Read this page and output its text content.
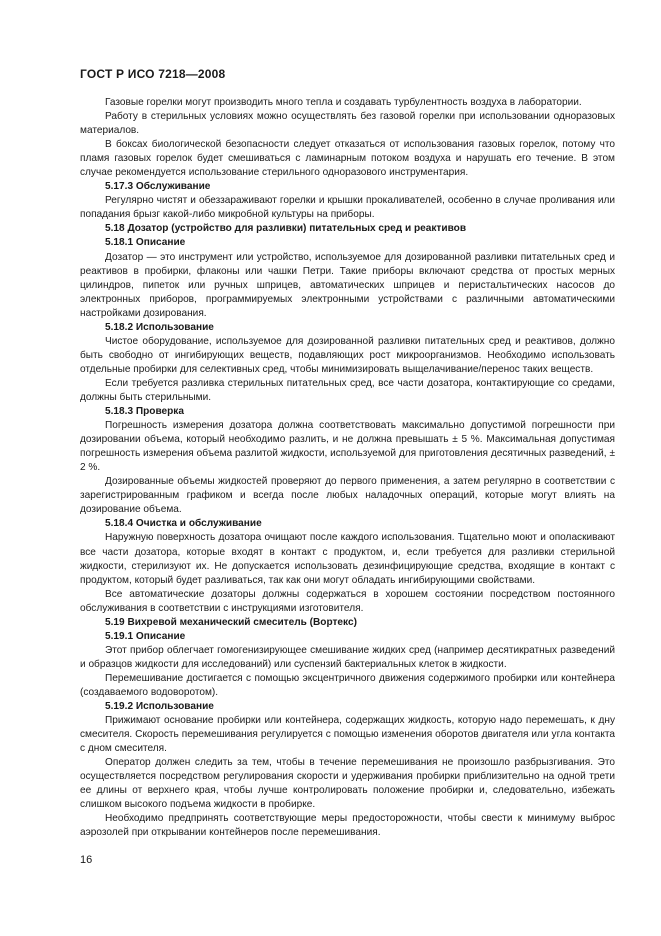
ГОСТ Р ИСО 7218—2008
Газовые горелки могут производить много тепла и создавать турбулентность воздуха в лаборатории.
Работу в стерильных условиях можно осуществлять без газовой горелки при использовании одноразовых материалов.
В боксах биологической безопасности следует отказаться от использования газовых горелок, потому что пламя газовых горелок будет смешиваться с ламинарным потоком воздуха и нарушать его течение. В этом случае рекомендуется использование стерильного одноразового инструментария.
5.17.3 Обслуживание
Регулярно чистят и обеззараживают горелки и крышки прокаливателей, особенно в случае проливания или попадания брызг какой-либо микробной культуры на приборы.
5.18 Дозатор (устройство для разливки) питательных сред и реактивов
5.18.1 Описание
Дозатор — это инструмент или устройство, используемое для дозированной разливки питательных сред и реактивов в пробирки, флаконы или чашки Петри. Такие приборы включают средства от простых мерных цилиндров, пипеток или ручных шприцев, автоматических шприцев и перистальтических насосов до электронных приборов, программируемых электронными устройствами с различными автоматическими настройками дозирования.
5.18.2 Использование
Чистое оборудование, используемое для дозированной разливки питательных сред и реактивов, должно быть свободно от ингибирующих веществ, подавляющих рост микроорганизмов. Необходимо использовать отдельные пробирки для селективных сред, чтобы минимизировать выщелачивание/перенос таких веществ.
Если требуется разливка стерильных питательных сред, все части дозатора, контактирующие со средами, должны быть стерильными.
5.18.3 Проверка
Погрешность измерения дозатора должна соответствовать максимально допустимой погрешности при дозировании объема, который необходимо разлить, и не должна превышать ± 5 %. Максимальная допустимая погрешность измерения объема разлитой жидкости, используемой для приготовления десятичных разведений, ± 2 %.
Дозированные объемы жидкостей проверяют до первого применения, а затем регулярно в соответствии с зарегистрированным графиком и всегда после любых наладочных операций, которые могут влиять на дозирование объема.
5.18.4 Очистка и обслуживание
Наружную поверхность дозатора очищают после каждого использования. Тщательно моют и ополаскивают все части дозатора, которые входят в контакт с продуктом, и, если требуется для разливки стерильной жидкости, стерилизуют их. Не допускается использовать дезинфицирующие средства, входящие в контакт с продуктом, который будет разливаться, так как они могут обладать ингибирующими свойствами.
Все автоматические дозаторы должны содержаться в хорошем состоянии посредством постоянного обслуживания в соответствии с инструкциями изготовителя.
5.19 Вихревой механический смеситель (Вортекс)
5.19.1 Описание
Этот прибор облегчает гомогенизирующее смешивание жидких сред (например десятикратных разведений и образцов жидкости для исследований) или суспензий бактериальных клеток в жидкости.
Перемешивание достигается с помощью эксцентричного движения содержимого пробирки или контейнера (создаваемого водоворотом).
5.19.2 Использование
Прижимают основание пробирки или контейнера, содержащих жидкость, которую надо перемешать, к дну смесителя. Скорость перемешивания регулируется с помощью изменения оборотов двигателя или угла контакта с дном смесителя.
Оператор должен следить за тем, чтобы в течение перемешивания не произошло разбрызгивания. Это осуществляется посредством регулирования скорости и удерживания пробирки приблизительно на одной трети ее длины от верхнего края, чтобы лучше контролировать положение пробирки и, следовательно, избежать слишком высокого подъема жидкости в пробирке.
Необходимо предпринять соответствующие меры предосторожности, чтобы свести к минимуму выброс аэрозолей при открывании контейнеров после перемешивания.
16
